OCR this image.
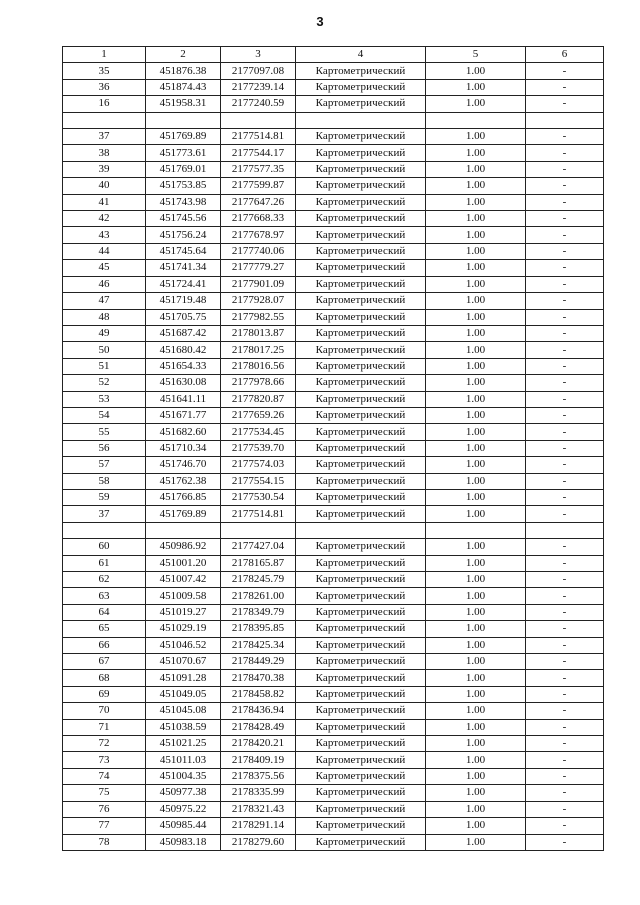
3
1	2	3	4	5	6
35	451876.38	2177097.08	Картометрический	1.00	-
36	451874.43	2177239.14	Картометрический	1.00	-
16	451958.31	2177240.59	Картометрический	1.00	-

37	451769.89	2177514.81	Картометрический	1.00	-
38	451773.61	2177544.17	Картометрический	1.00	-
39	451769.01	2177577.35	Картометрический	1.00	-
40	451753.85	2177599.87	Картометрический	1.00	-
41	451743.98	2177647.26	Картометрический	1.00	-
42	451745.56	2177668.33	Картометрический	1.00	-
43	451756.24	2177678.97	Картометрический	1.00	-
44	451745.64	2177740.06	Картометрический	1.00	-
45	451741.34	2177779.27	Картометрический	1.00	-
46	451724.41	2177901.09	Картометрический	1.00	-
47	451719.48	2177928.07	Картометрический	1.00	-
48	451705.75	2177982.55	Картометрический	1.00	-
49	451687.42	2178013.87	Картометрический	1.00	-
50	451680.42	2178017.25	Картометрический	1.00	-
51	451654.33	2178016.56	Картометрический	1.00	-
52	451630.08	2177978.66	Картометрический	1.00	-
53	451641.11	2177820.87	Картометрический	1.00	-
54	451671.77	2177659.26	Картометрический	1.00	-
55	451682.60	2177534.45	Картометрический	1.00	-
56	451710.34	2177539.70	Картометрический	1.00	-
57	451746.70	2177574.03	Картометрический	1.00	-
58	451762.38	2177554.15	Картометрический	1.00	-
59	451766.85	2177530.54	Картометрический	1.00	-
37	451769.89	2177514.81	Картометрический	1.00	-

60	450986.92	2177427.04	Картометрический	1.00	-
61	451001.20	2178165.87	Картометрический	1.00	-
62	451007.42	2178245.79	Картометрический	1.00	-
63	451009.58	2178261.00	Картометрический	1.00	-
64	451019.27	2178349.79	Картометрический	1.00	-
65	451029.19	2178395.85	Картометрический	1.00	-
66	451046.52	2178425.34	Картометрический	1.00	-
67	451070.67	2178449.29	Картометрический	1.00	-
68	451091.28	2178470.38	Картометрический	1.00	-
69	451049.05	2178458.82	Картометрический	1.00	-
70	451045.08	2178436.94	Картометрический	1.00	-
71	451038.59	2178428.49	Картометрический	1.00	-
72	451021.25	2178420.21	Картометрический	1.00	-
73	451011.03	2178409.19	Картометрический	1.00	-
74	451004.35	2178375.56	Картометрический	1.00	-
75	450977.38	2178335.99	Картометрический	1.00	-
76	450975.22	2178321.43	Картометрический	1.00	-
77	450985.44	2178291.14	Картометрический	1.00	-
78	450983.18	2178279.60	Картометрический	1.00	-
